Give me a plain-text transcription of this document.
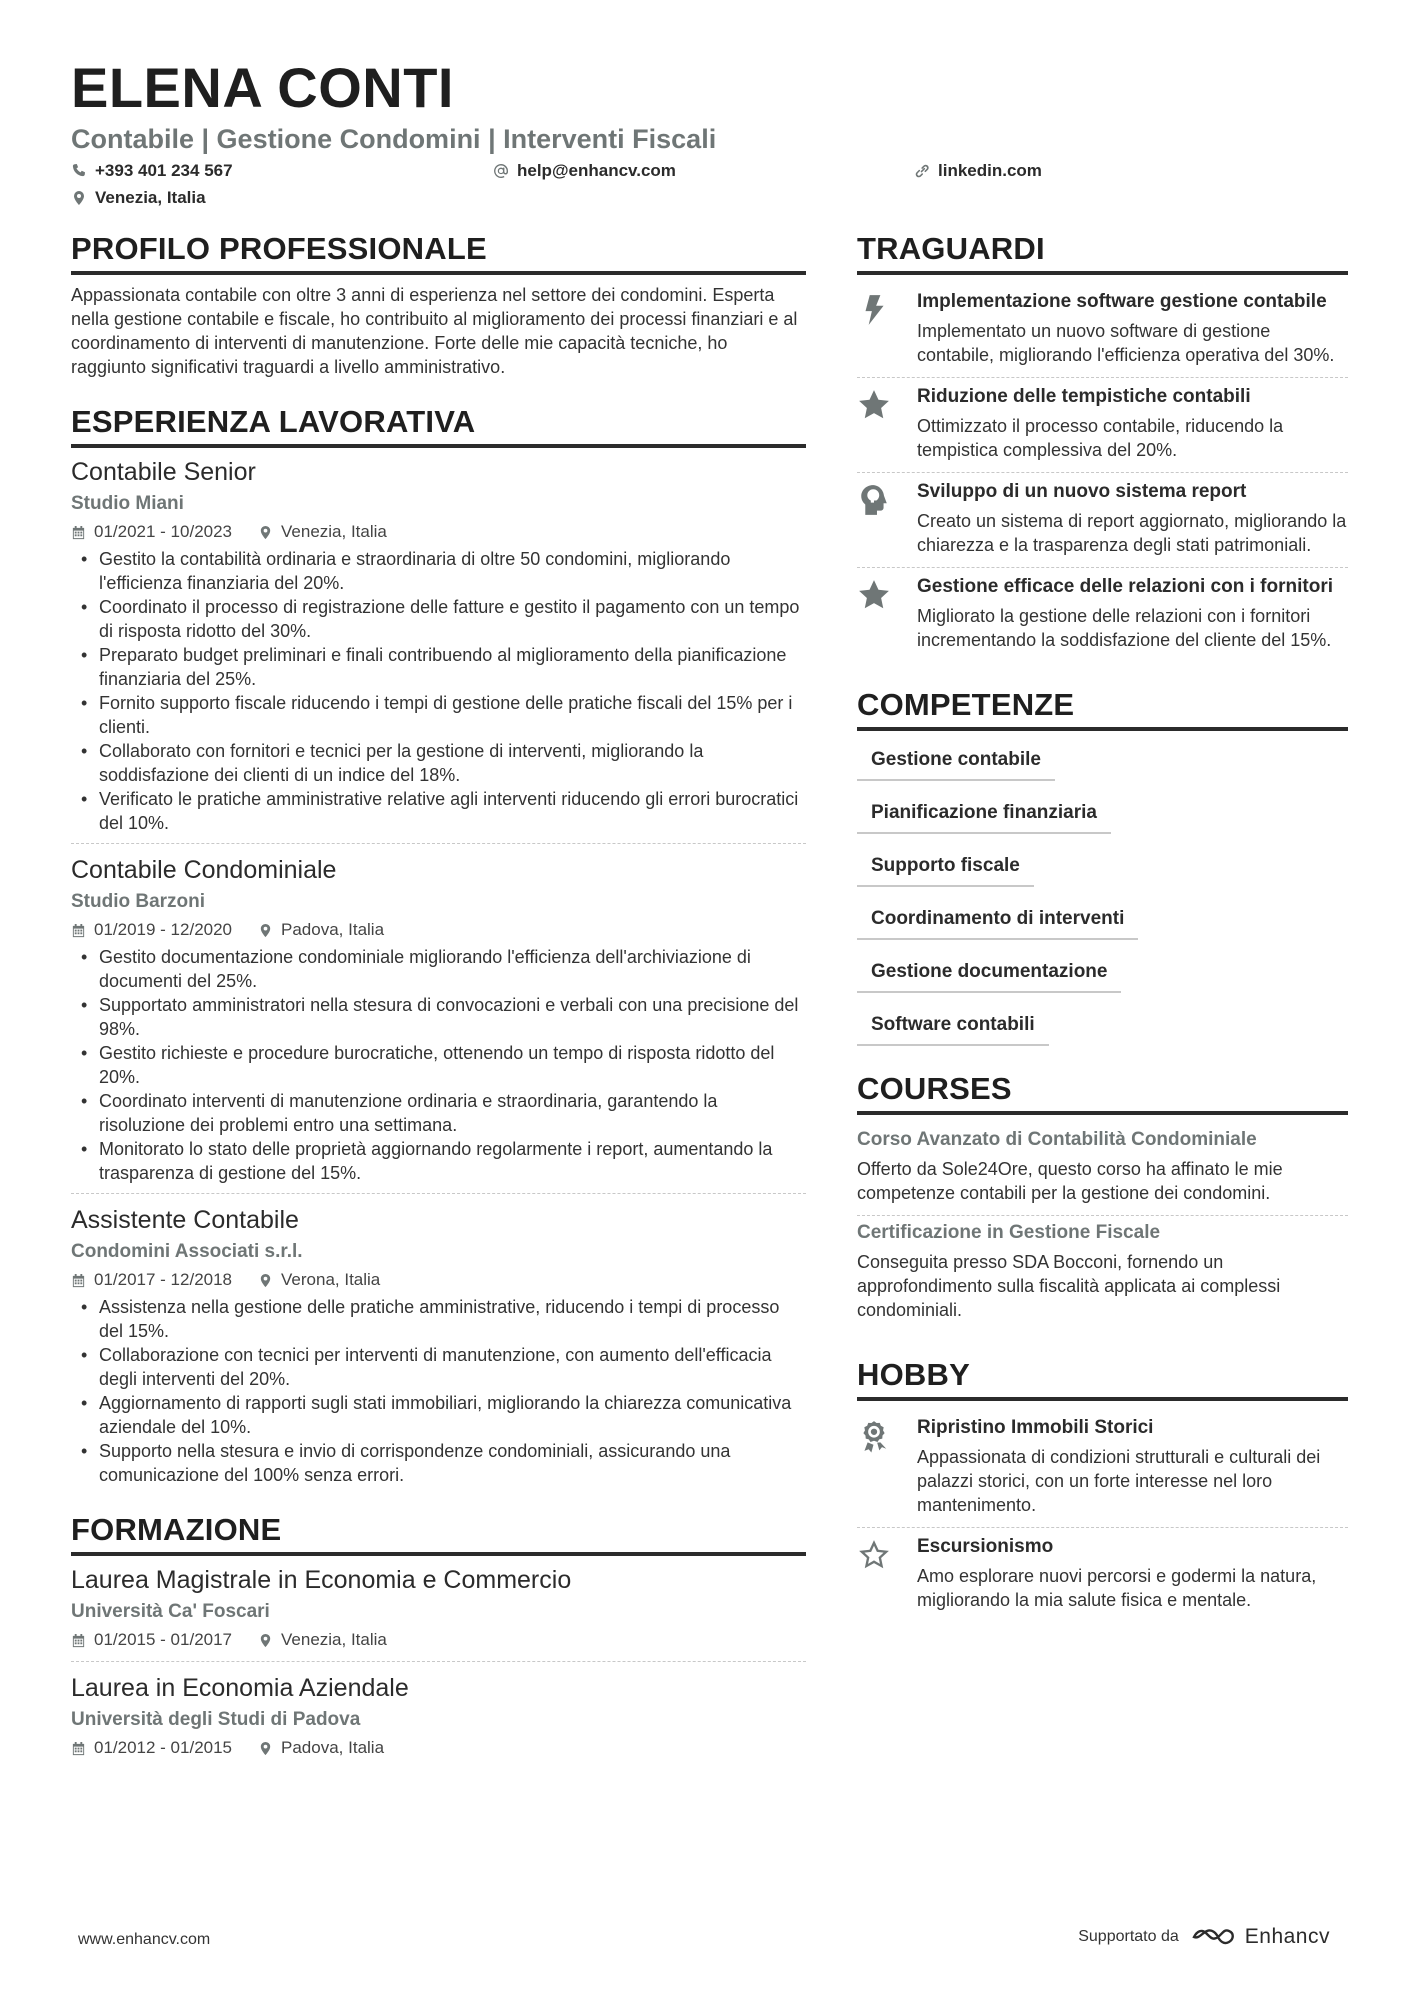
ELENA CONTI
Contabile | Gestione Condomini | Interventi Fiscali
+393 401 234 567	help@enhancv.com	linkedin.com
Venezia, Italia
PROFILO PROFESSIONALE
Appassionata contabile con oltre 3 anni di esperienza nel settore dei condomini. Esperta nella gestione contabile e fiscale, ho contribuito al miglioramento dei processi finanziari e al coordinamento di interventi di manutenzione. Forte delle mie capacità tecniche, ho raggiunto significativi traguardi a livello amministrativo.
ESPERIENZA LAVORATIVA
Contabile Senior
Studio Miani
01/2021 - 10/2023	Venezia, Italia
• Gestito la contabilità ordinaria e straordinaria di oltre 50 condomini, migliorando l'efficienza finanziaria del 20%.
• Coordinato il processo di registrazione delle fatture e gestito il pagamento con un tempo di risposta ridotto del 30%.
• Preparato budget preliminari e finali contribuendo al miglioramento della pianificazione finanziaria del 25%.
• Fornito supporto fiscale riducendo i tempi di gestione delle pratiche fiscali del 15% per i clienti.
• Collaborato con fornitori e tecnici per la gestione di interventi, migliorando la soddisfazione dei clienti di un indice del 18%.
• Verificato le pratiche amministrative relative agli interventi riducendo gli errori burocratici del 10%.
Contabile Condominiale
Studio Barzoni
01/2019 - 12/2020	Padova, Italia
• Gestito documentazione condominiale migliorando l'efficienza dell'archiviazione di documenti del 25%.
• Supportato amministratori nella stesura di convocazioni e verbali con una precisione del 98%.
• Gestito richieste e procedure burocratiche, ottenendo un tempo di risposta ridotto del 20%.
• Coordinato interventi di manutenzione ordinaria e straordinaria, garantendo la risoluzione dei problemi entro una settimana.
• Monitorato lo stato delle proprietà aggiornando regolarmente i report, aumentando la trasparenza di gestione del 15%.
Assistente Contabile
Condomini Associati s.r.l.
01/2017 - 12/2018	Verona, Italia
• Assistenza nella gestione delle pratiche amministrative, riducendo i tempi di processo del 15%.
• Collaborazione con tecnici per interventi di manutenzione, con aumento dell'efficacia degli interventi del 20%.
• Aggiornamento di rapporti sugli stati immobiliari, migliorando la chiarezza comunicativa aziendale del 10%.
• Supporto nella stesura e invio di corrispondenze condominiali, assicurando una comunicazione del 100% senza errori.
FORMAZIONE
Laurea Magistrale in Economia e Commercio
Università Ca' Foscari
01/2015 - 01/2017	Venezia, Italia
Laurea in Economia Aziendale
Università degli Studi di Padova
01/2012 - 01/2015	Padova, Italia
TRAGUARDI
Implementazione software gestione contabile
Implementato un nuovo software di gestione contabile, migliorando l'efficienza operativa del 30%.
Riduzione delle tempistiche contabili
Ottimizzato il processo contabile, riducendo la tempistica complessiva del 20%.
Sviluppo di un nuovo sistema report
Creato un sistema di report aggiornato, migliorando la chiarezza e la trasparenza degli stati patrimoniali.
Gestione efficace delle relazioni con i fornitori
Migliorato la gestione delle relazioni con i fornitori incrementando la soddisfazione del cliente del 15%.
COMPETENZE
Gestione contabile
Pianificazione finanziaria
Supporto fiscale
Coordinamento di interventi
Gestione documentazione
Software contabili
COURSES
Corso Avanzato di Contabilità Condominiale
Offerto da Sole24Ore, questo corso ha affinato le mie competenze contabili per la gestione dei condomini.
Certificazione in Gestione Fiscale
Conseguita presso SDA Bocconi, fornendo un approfondimento sulla fiscalità applicata ai complessi condominiali.
HOBBY
Ripristino Immobili Storici
Appassionata di condizioni strutturali e culturali dei palazzi storici, con un forte interesse nel loro mantenimento.
Escursionismo
Amo esplorare nuovi percorsi e godermi la natura, migliorando la mia salute fisica e mentale.
www.enhancv.com	Supportato da	Enhancv
